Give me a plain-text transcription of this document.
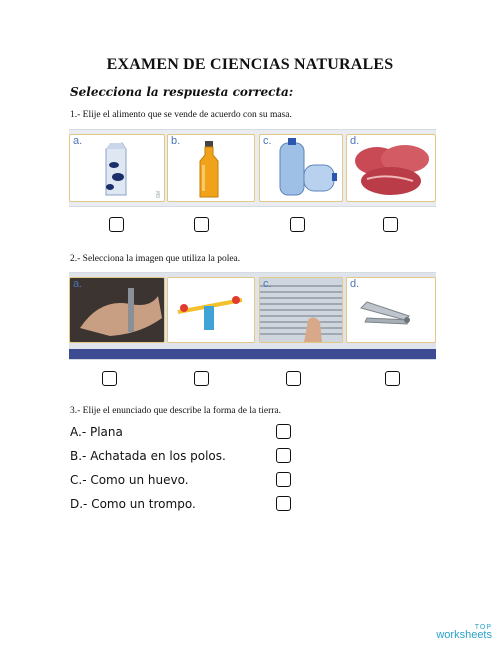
EXAMEN DE CIENCIAS NATURALES
Selecciona la respuesta correcta:
1.- Elije el alimento que se vende de acuerdo con su masa.
a.
SM
b.	c.	d.
2.- Selecciona la imagen que utiliza la polea.
a.	c.	d.
3.- Elije el enunciado que describe la forma de la tierra.
A.- Plana
B.- Achatada en los polos.
C.- Como un huevo.
D.- Como un trompo.
TOP
worksheets
